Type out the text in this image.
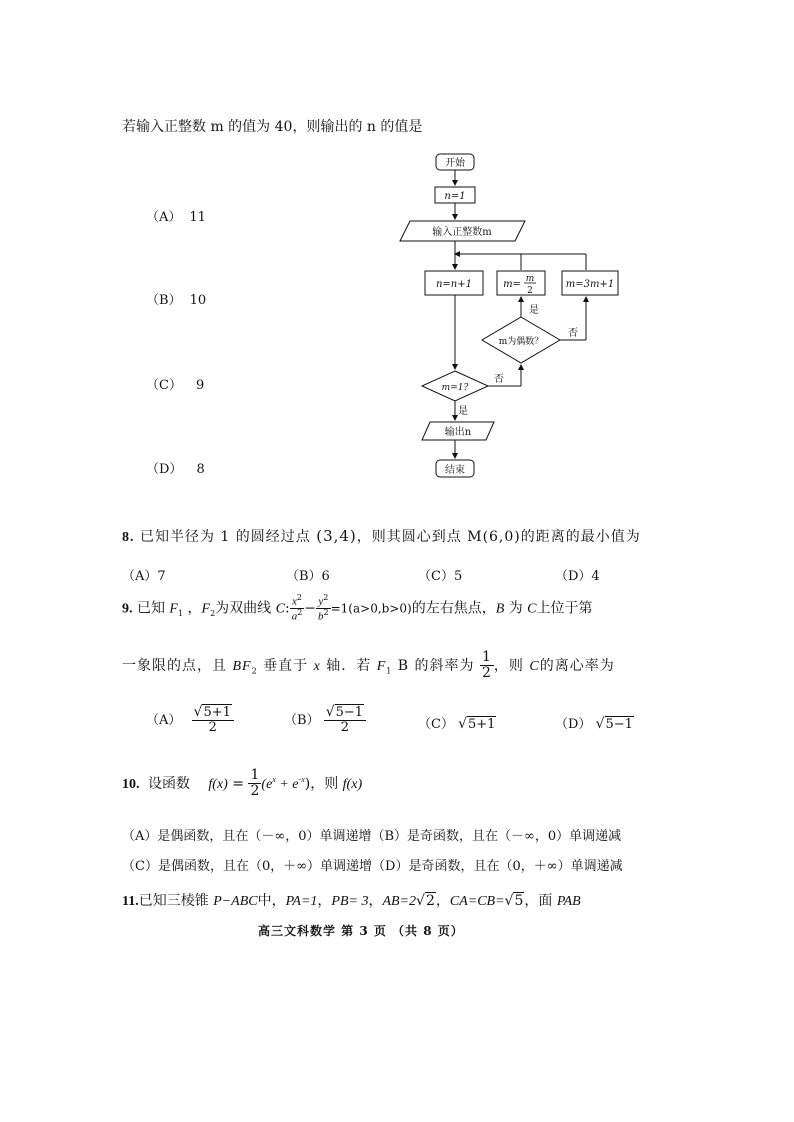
若输入正整数 m 的值为 40，则输出的 n 的值是
（A） 11
（B） 10
（C） 9
（D） 8
开始
n=1
输入正整数m
n=n+1	m= m
2
m=3m+1
m为偶数？
是
否
m=1?
否
是
输出n
结束
8. 已知半径为 1 的圆经过点 (3,4)，则其圆心到点 M(6,0)的距离的最小值为
（A）7	（B）6	（C）5	（D）4
9. 已知 $F_1$ ，$F_2$为双曲线 C: $\frac{x^2}{a^2} - \frac{y^2}{b^2} =1(a>0,b>0)$的左右焦点，B 为 C上位于第
一象限的点，且 $BF_2$ 垂直于 x 轴．若 $F_1$ B 的斜率为 $\frac{1}{2}$ ，则 C的离心率为
$(A) \frac{√5+1}{2}$	$(B) \frac{√5-1}{2}$	（C） √5+1	（D） √5−1
10. 设函数 $f(x) = \frac{1}{2} (e^x + e^{-x})$，则 f(x)
（A）是偶函数，且在（－∞，0）单调递增（B）是奇函数，且在（－∞，0）单调递减
（C）是偶函数，且在（0，＋∞）单调递增（D）是奇函数，且在（0，＋∞）单调递减
11.已知三棱锥 P−ABC中，PA=1，PB= 3，AB=2√2，CA=CB=√5，面 PAB
高三文科数学 第 3 页 （共 8 页）
